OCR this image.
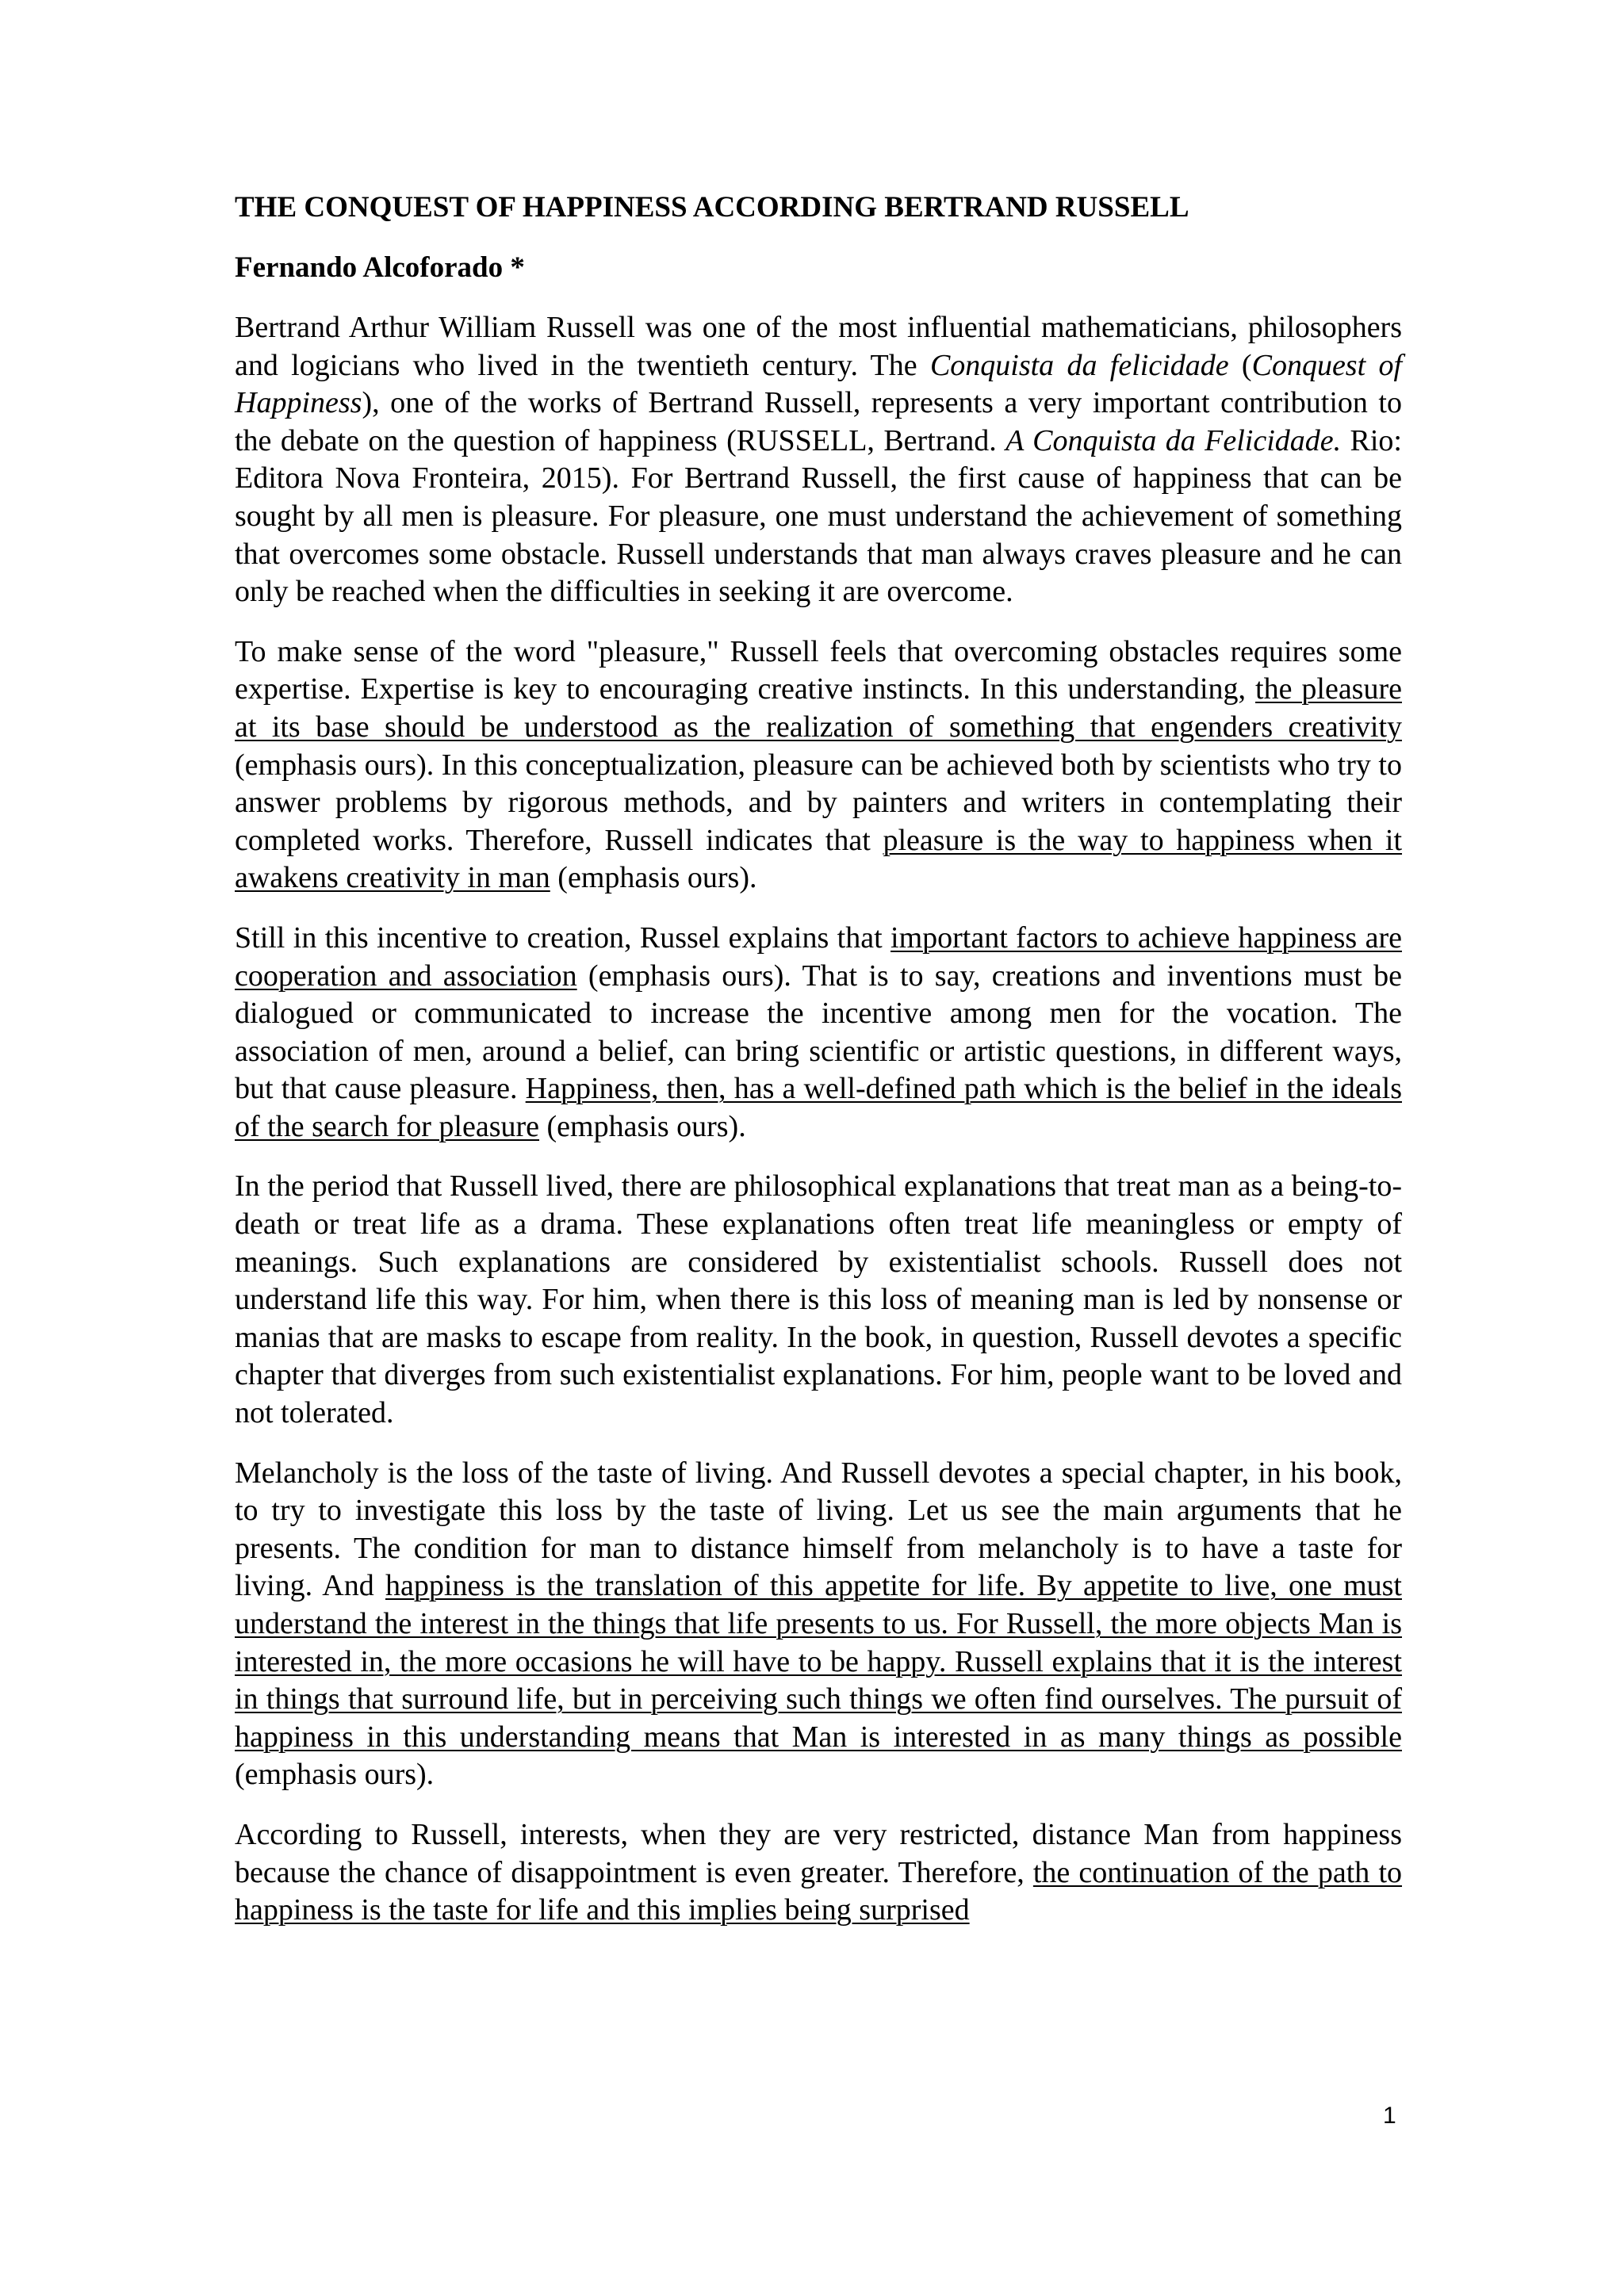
THE CONQUEST OF HAPPINESS ACCORDING BERTRAND RUSSELL

Fernando Alcoforado *

Bertrand Arthur William Russell was one of the most influential mathematicians, philosophers and logicians who lived in the twentieth century. The Conquista da felicidade (Conquest of Happiness), one of the works of Bertrand Russell, represents a very important contribution to the debate on the question of happiness (RUSSELL, Bertrand. A Conquista da Felicidade. Rio: Editora Nova Fronteira, 2015). For Bertrand Russell, the first cause of happiness that can be sought by all men is pleasure. For pleasure, one must understand the achievement of something that overcomes some obstacle. Russell understands that man always craves pleasure and he can only be reached when the difficulties in seeking it are overcome.

To make sense of the word "pleasure," Russell feels that overcoming obstacles requires some expertise. Expertise is key to encouraging creative instincts. In this understanding, the pleasure at its base should be understood as the realization of something that engenders creativity (emphasis ours). In this conceptualization, pleasure can be achieved both by scientists who try to answer problems by rigorous methods, and by painters and writers in contemplating their completed works. Therefore, Russell indicates that pleasure is the way to happiness when it awakens creativity in man (emphasis ours).

Still in this incentive to creation, Russel explains that important factors to achieve happiness are cooperation and association (emphasis ours). That is to say, creations and inventions must be dialogued or communicated to increase the incentive among men for the vocation. The association of men, around a belief, can bring scientific or artistic questions, in different ways, but that cause pleasure. Happiness, then, has a well-defined path which is the belief in the ideals of the search for pleasure (emphasis ours).

In the period that Russell lived, there are philosophical explanations that treat man as a being-to-death or treat life as a drama. These explanations often treat life meaningless or empty of meanings. Such explanations are considered by existentialist schools. Russell does not understand life this way. For him, when there is this loss of meaning man is led by nonsense or manias that are masks to escape from reality. In the book, in question, Russell devotes a specific chapter that diverges from such existentialist explanations. For him, people want to be loved and not tolerated.

Melancholy is the loss of the taste of living. And Russell devotes a special chapter, in his book, to try to investigate this loss by the taste of living. Let us see the main arguments that he presents. The condition for man to distance himself from melancholy is to have a taste for living. And happiness is the translation of this appetite for life. By appetite to live, one must understand the interest in the things that life presents to us. For Russell, the more objects Man is interested in, the more occasions he will have to be happy. Russell explains that it is the interest in things that surround life, but in perceiving such things we often find ourselves. The pursuit of happiness in this understanding means that Man is interested in as many things as possible (emphasis ours).

According to Russell, interests, when they are very restricted, distance Man from happiness because the chance of disappointment is even greater. Therefore, the continuation of the path to happiness is the taste for life and this implies being surprised

1
